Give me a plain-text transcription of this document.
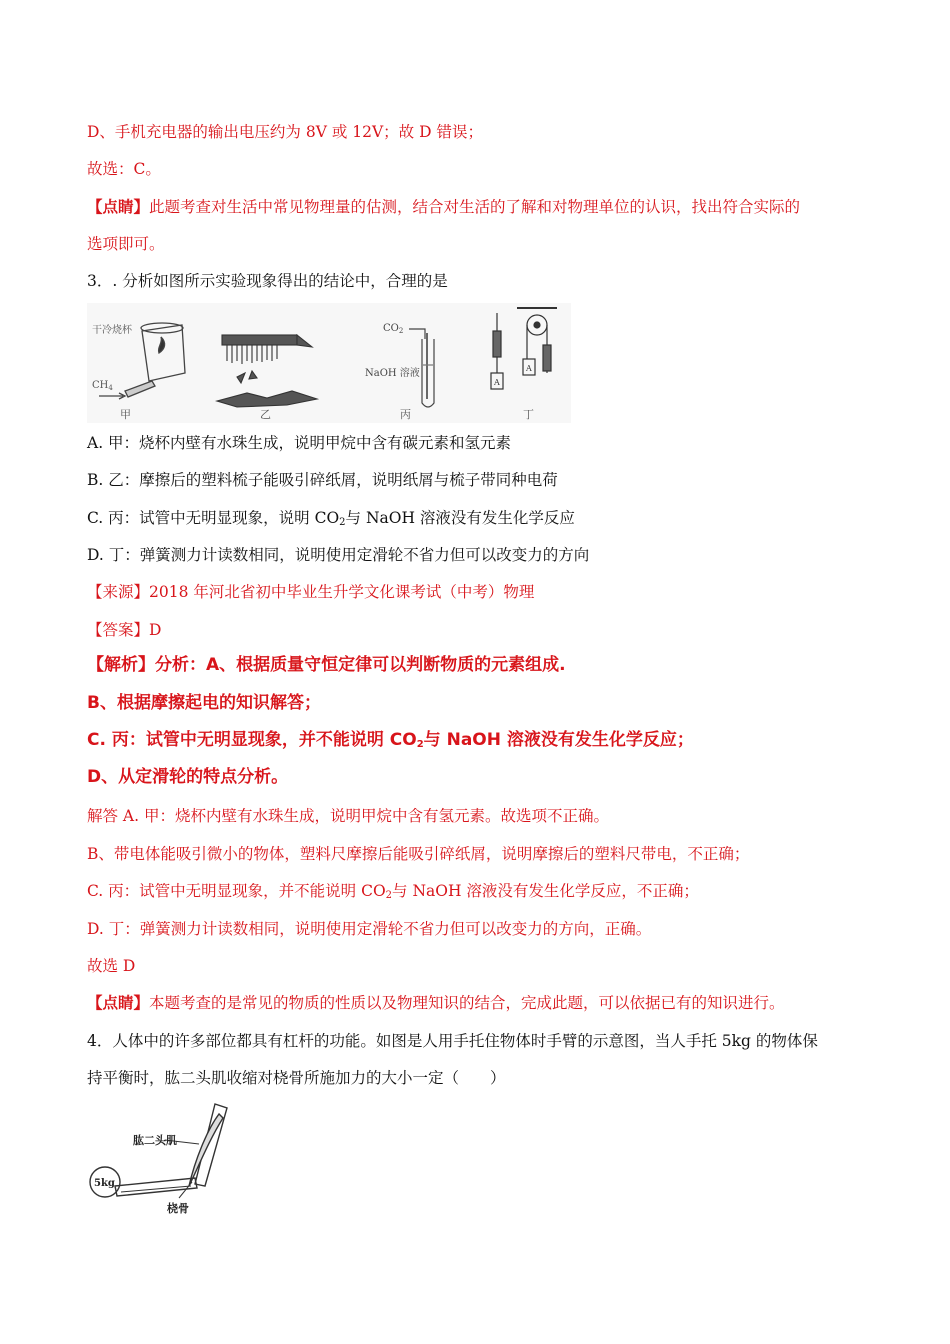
D、手机充电器的输出电压约为 8V 或 12V；故 D 错误；
故选：C。
【点睛】此题考查对生活中常见物理量的估测，结合对生活的了解和对物理单位的认识，找出符合实际的
选项即可。
3．. 分析如图所示实验现象得出的结论中，合理的是
干冷烧杯
$CH_4$
甲	乙
$CO_2$
NaOH 溶液
丙
A
A
丁
A. 甲：烧杯内壁有水珠生成，说明甲烷中含有碳元素和氢元素
B. 乙：摩擦后的塑料梳子能吸引碎纸屑，说明纸屑与梳子带同种电荷
C. 丙：试管中无明显现象，说明 $CO_2$与 NaOH 溶液没有发生化学反应
D. 丁：弹簧测力计读数相同，说明使用定滑轮不省力但可以改变力的方向
【来源】2018 年河北省初中毕业生升学文化课考试（中考）物理
【答案】D
【解析】分析：A、根据质量守恒定律可以判断物质的元素组成.
B、根据摩擦起电的知识解答；
C. 丙：试管中无明显现象，并不能说明 $CO_2$与 NaOH 溶液没有发生化学反应；
D、从定滑轮的特点分析。
解答 A. 甲：烧杯内壁有水珠生成，说明甲烷中含有氢元素。故选项不正确。
B、带电体能吸引微小的物体，塑料尺摩擦后能吸引碎纸屑，说明摩擦后的塑料尺带电，不正确；
C. 丙：试管中无明显现象，并不能说明 $CO_2$与 NaOH 溶液没有发生化学反应，不正确；
D. 丁：弹簧测力计读数相同，说明使用定滑轮不省力但可以改变力的方向，正确。
故选 D
【点睛】本题考查的是常见的物质的性质以及物理知识的结合，完成此题，可以依据已有的知识进行。
4．人体中的许多部位都具有杠杆的功能。如图是人用手托住物体时手臂的示意图，当人手托 5kg 的物体保
持平衡时，肱二头肌收缩对桡骨所施加力的大小一定（　　）
肱二头肌
桡骨
5kg
